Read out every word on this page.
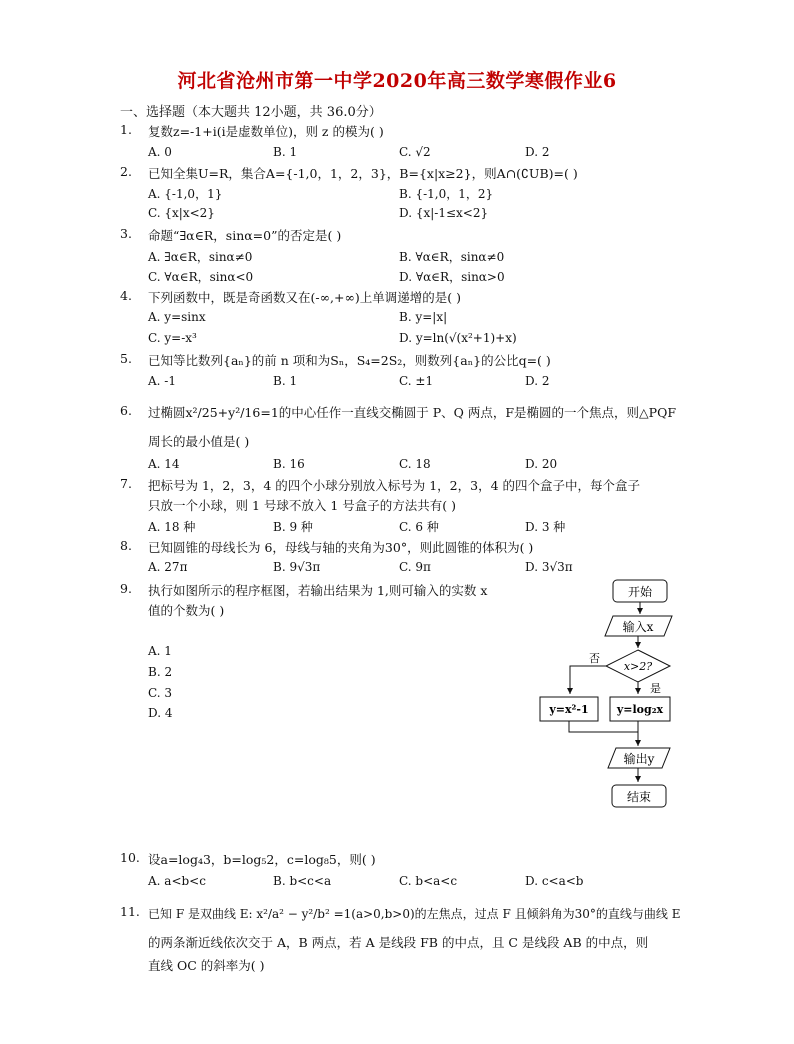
河北省沧州市第一中学2020年高三数学寒假作业6
一、选择题（本大题共 12小题，共 36.0分）
1.	复数z=-1+i(i是虚数单位)，则 z 的模为( )
A. 0	B. 1	C. √2	D. 2
2.	已知全集U=R，集合A={-1,0，1，2，3}，B={x|x≥2}，则A∩(∁UB)=( )
A. {-1,0，1}	B. {-1,0，1，2}
C. {x|x<2}	D. {x|-1≤x<2}
3.	命题“∃α∈R，sinα=0”的否定是( )
A. ∃α∈R，sinα≠0	B. ∀α∈R，sinα≠0
C. ∀α∈R，sinα<0	D. ∀α∈R，sinα>0
4.	下列函数中，既是奇函数又在(-∞,+∞)上单调递增的是( )
A. y=sinx	B. y=|x|
C. y=-x³	D. y=ln(√(x²+1)+x)
5.	已知等比数列{aₙ}的前 n 项和为Sₙ，S₄=2S₂，则数列{aₙ}的公比q=( )
A. -1	B. 1	C. ±1	D. 2
6.	过椭圆x²/25+y²/16=1的中心任作一直线交椭圆于 P、Q 两点，F是椭圆的一个焦点，则△PQF
周长的最小值是( )
A. 14	B. 16	C. 18	D. 20
7.	把标号为 1，2，3，4 的四个小球分别放入标号为 1，2，3，4 的四个盒子中，每个盒子
只放一个小球，则 1 号球不放入 1 号盒子的方法共有( )
A. 18 种	B. 9 种	C. 6 种	D. 3 种
8.	已知圆锥的母线长为 6，母线与轴的夹角为30°，则此圆锥的体积为( )
A. 27π	B. 9√3π	C. 9π	D. 3√3π
9.	执行如图所示的程序框图，若输出结果为 1,则可输入的实数 x
值的个数为( )
A. 1
B. 2
C. 3
D. 4
开始
输入x
x>2?
否
是
y=x²-1	y=log₂x
输出y
结束
10. 设a=log₄3，b=log₅2，c=log₈5，则( )
A. a<b<c	B. b<c<a	C. b<a<c	D. c<a<b
11. 已知 F 是双曲线 E: x²/a² − y²/b² =1(a>0,b>0)的左焦点，过点 F 且倾斜角为30°的直线与曲线 E
的两条渐近线依次交于 A，B 两点，若 A 是线段 FB 的中点，且 C 是线段 AB 的中点，则
直线 OC 的斜率为( )
